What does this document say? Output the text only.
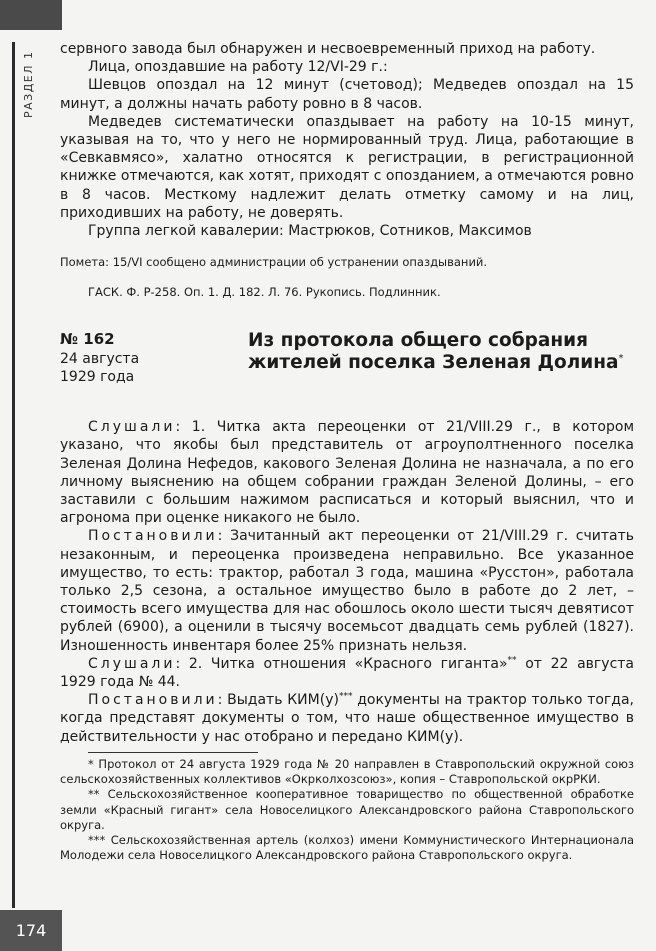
РАЗДЕЛ 1

сервного завода был обнаружен и несвоевременный приход на работу.

Лица, опоздавшие на работу 12/VI-29 г.:

Шевцов опоздал на 12 минут (счетовод); Медведев опоздал на 15 минут, а должны начать работу ровно в 8 часов.

Медведев систематически опаздывает на работу на 10-15 минут, указывая на то, что у него не нормированный труд. Лица, работающие в «Севкавмясо», халатно относятся к регистрации, в регистрационной книжке отмечаются, как хотят, приходят с опозданием, а отмечаются ровно в 8 часов. Месткому надлежит делать отметку самому и на лиц, приходивших на работу, не доверять.

Группа легкой кавалерии: Мастрюков, Сотников, Максимов

Помета: 15/VI сообщено администрации об устранении опаздываний.

ГАСК. Ф. Р-258. Оп. 1. Д. 182. Л. 76. Рукопись. Подлинник.

№ 162
24 августа
1929 года
Из протокола общего собрания жителей поселка Зеленая Долина*

Слушали: 1. Читка акта переоценки от 21/VIII.29 г., в котором указано, что якобы был представитель от агроуполтненного поселка Зеленая Долина Нефедов, какового Зеленая Долина не назначала, а по его личному выяснению на общем собрании граждан Зеленой Долины, – его заставили с большим нажимом расписаться и который выяснил, что и агронома при оценке никакого не было.

Постановили: Зачитанный акт переоценки от 21/VIII.29 г. считать незаконным, и переоценка произведена неправильно. Все указанное имущество, то есть: трактор, работал 3 года, машина «Русстон», работала только 2,5 сезона, а остальное имущество было в работе до 2 лет, – стоимость всего имущества для нас обошлось около шести тысяч девятисот рублей (6900), а оценили в тысячу восемьсот двадцать семь рублей (1827). Изношенность инвентаря более 25% признать нельзя.

Слушали: 2. Читка отношения «Красного гиганта»** от 22 августа 1929 года № 44.

Постановили: Выдать КИМ(у)*** документы на трактор только тогда, когда представят документы о том, что наше общественное имущество в действительности у нас отобрано и передано КИМ(у).

* Протокол от 24 августа 1929 года № 20 направлен в Ставропольский окружной союз сельскохозяйственных коллективов «Окрколхозсоюз», копия – Ставропольской окрРКИ.

** Сельскохозяйственное кооперативное товарищество по общественной обработке земли «Красный гигант» села Новоселицкого Александровского района Ставропольского округа.

*** Сельскохозяйственная артель (колхоз) имени Коммунистического Интернационала Молодежи села Новоселицкого Александровского района Ставропольского округа.

174
